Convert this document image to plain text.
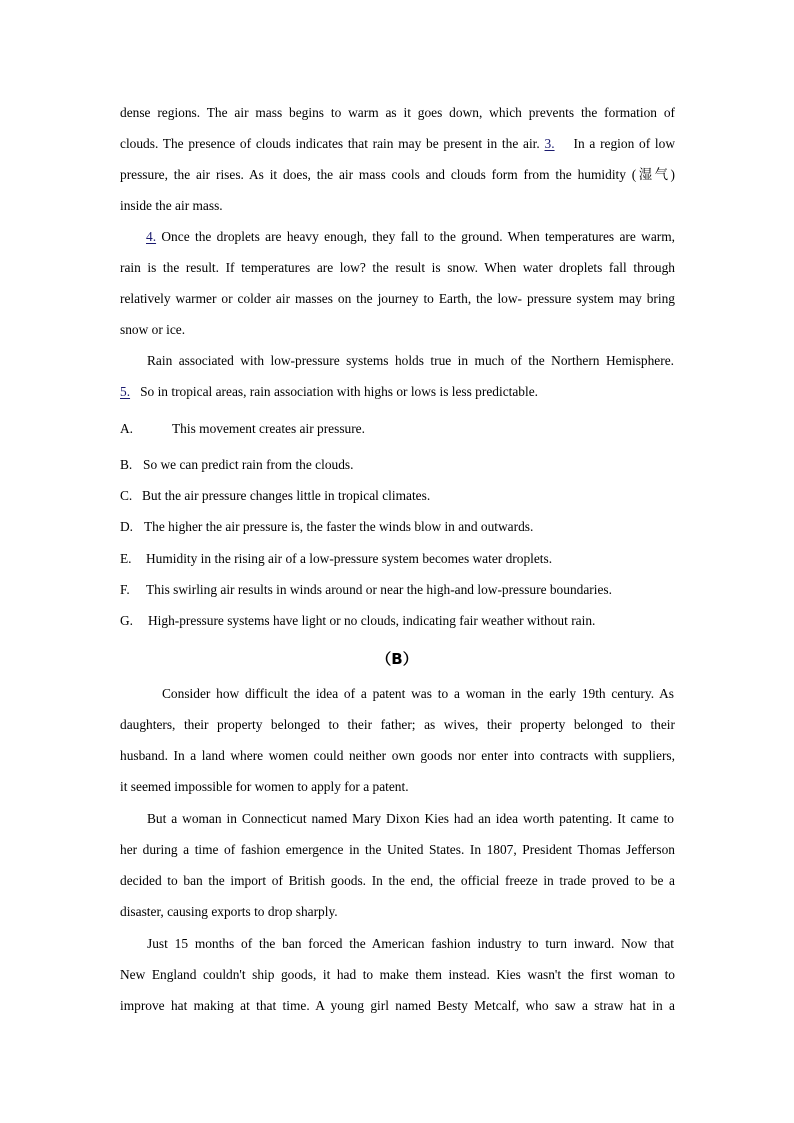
dense regions. The air mass begins to warm as it goes down, which prevents the formation of
clouds. The presence of clouds indicates that rain may be present in the air. 3. In a region of low
pressure, the air rises. As it does, the air mass cools and clouds form from the humidity (湿气)
inside the air mass.
4. Once the droplets are heavy enough, they fall to the ground. When temperatures are warm,
rain is the result. If temperatures are low? the result is snow. When water droplets fall through
relatively warmer or colder air masses on the journey to Earth, the low- pressure system may bring
snow or ice.
Rain associated with low-pressure systems holds true in much of the Northern Hemisphere.
5. So in tropical areas, rain association with highs or lows is less predictable.
A.	This movement creates air pressure.
B. So we can predict rain from the clouds.
C. But the air pressure changes little in tropical climates.
D. The higher the air pressure is, the faster the winds blow in and outwards.
E. Humidity in the rising air of a low-pressure system becomes water droplets.
F. This swirling air results in winds around or near the high-and low-pressure boundaries.
G. High-pressure systems have light or no clouds, indicating fair weather without rain.
（B）
Consider how difficult the idea of a patent was to a woman in the early 19th century. As
daughters, their property belonged to their father; as wives, their property belonged to their
husband. In a land where women could neither own goods nor enter into contracts with suppliers,
it seemed impossible for women to apply for a patent.
But a woman in Connecticut named Mary Dixon Kies had an idea worth patenting. It came to
her during a time of fashion emergence in the United States. In 1807, President Thomas Jefferson
decided to ban the import of British goods. In the end, the official freeze in trade proved to be a
disaster, causing exports to drop sharply.
Just 15 months of the ban forced the American fashion industry to turn inward. Now that
New England couldn't ship goods, it had to make them instead. Kies wasn't the first woman to
improve hat making at that time. A young girl named Besty Metcalf, who saw a straw hat in a
